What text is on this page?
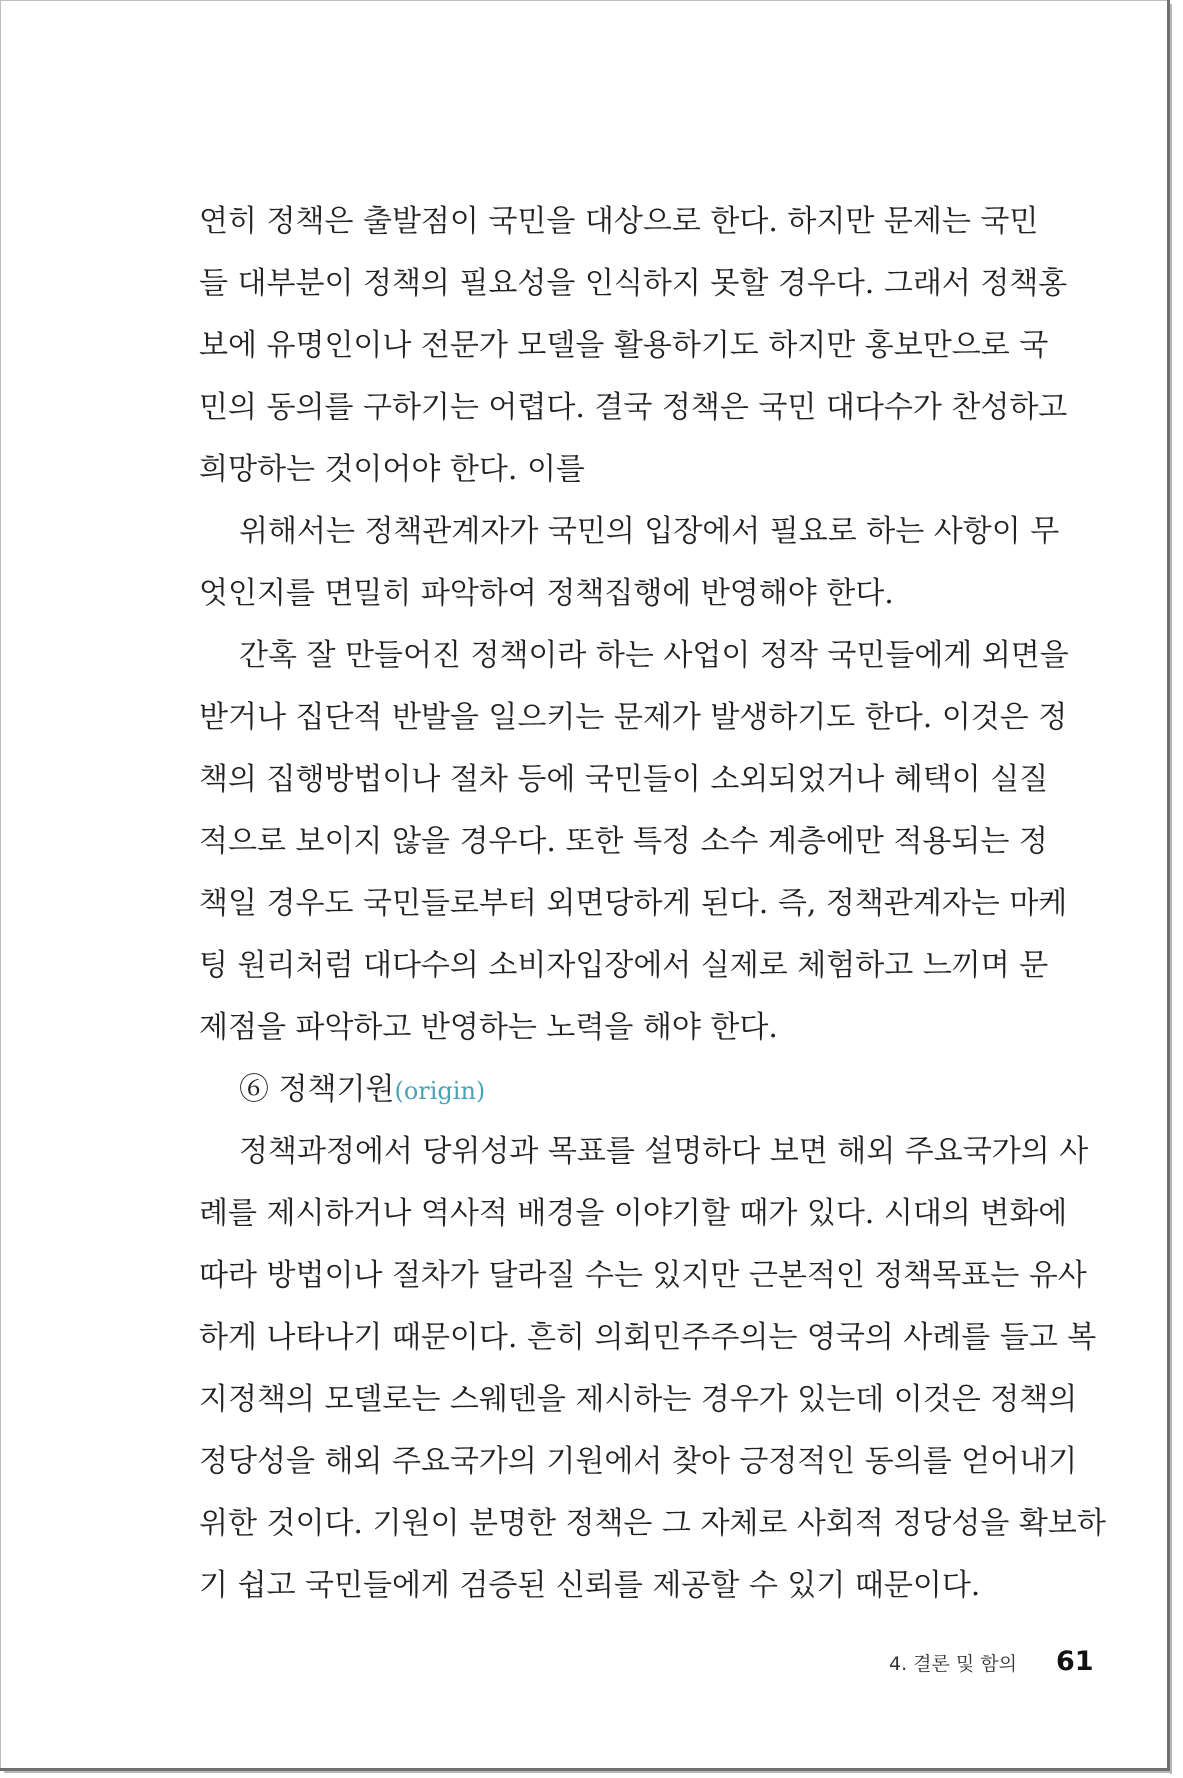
연히 정책은 출발점이 국민을 대상으로 한다. 하지만 문제는 국민
들 대부분이 정책의 필요성을 인식하지 못할 경우다. 그래서 정책홍
보에 유명인이나 전문가 모델을 활용하기도 하지만 홍보만으로 국
민의 동의를 구하기는 어렵다. 결국 정책은 국민 대다수가 찬성하고
희망하는 것이어야 한다. 이를
위해서는 정책관계자가 국민의 입장에서 필요로 하는 사항이 무
엇인지를 면밀히 파악하여 정책집행에 반영해야 한다.
간혹 잘 만들어진 정책이라 하는 사업이 정작 국민들에게 외면을
받거나 집단적 반발을 일으키는 문제가 발생하기도 한다. 이것은 정
책의 집행방법이나 절차 등에 국민들이 소외되었거나 혜택이 실질
적으로 보이지 않을 경우다. 또한 특정 소수 계층에만 적용되는 정
책일 경우도 국민들로부터 외면당하게 된다. 즉, 정책관계자는 마케
팅 원리처럼 대다수의 소비자입장에서 실제로 체험하고 느끼며 문
제점을 파악하고 반영하는 노력을 해야 한다.
⑥ 정책기원(origin)
정책과정에서 당위성과 목표를 설명하다 보면 해외 주요국가의 사
례를 제시하거나 역사적 배경을 이야기할 때가 있다. 시대의 변화에
따라 방법이나 절차가 달라질 수는 있지만 근본적인 정책목표는 유사
하게 나타나기 때문이다. 흔히 의회민주주의는 영국의 사례를 들고 복
지정책의 모델로는 스웨덴을 제시하는 경우가 있는데 이것은 정책의
정당성을 해외 주요국가의 기원에서 찾아 긍정적인 동의를 얻어내기
위한 것이다. 기원이 분명한 정책은 그 자체로 사회적 정당성을 확보하
기 쉽고 국민들에게 검증된 신뢰를 제공할 수 있기 때문이다.
4. 결론 및 함의 61
